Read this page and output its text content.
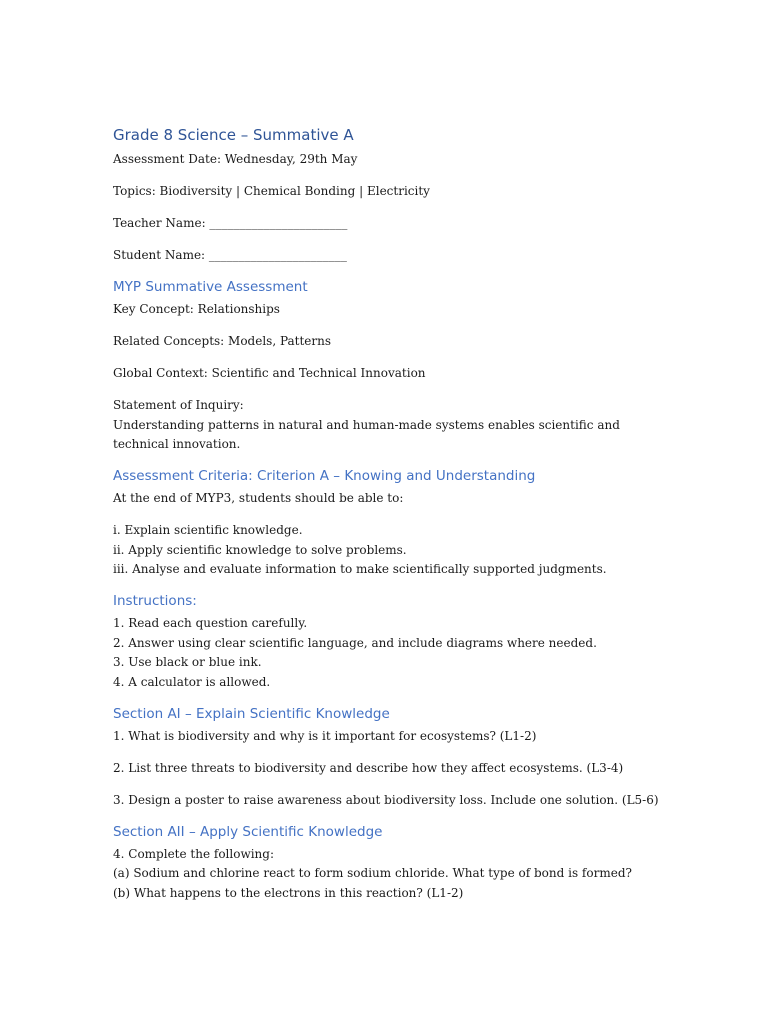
Grade 8 Science – Summative A
Assessment Date: Wednesday, 29th May
Topics: Biodiversity | Chemical Bonding | Electricity
Teacher Name: _______________________
Student Name: _______________________
MYP Summative Assessment
Key Concept: Relationships
Related Concepts: Models, Patterns
Global Context: Scientific and Technical Innovation
Statement of Inquiry:
Understanding patterns in natural and human-made systems enables scientific and
technical innovation.
Assessment Criteria: Criterion A – Knowing and Understanding
At the end of MYP3, students should be able to:
i. Explain scientific knowledge.
ii. Apply scientific knowledge to solve problems.
iii. Analyse and evaluate information to make scientifically supported judgments.
Instructions:
1. Read each question carefully.
2. Answer using clear scientific language, and include diagrams where needed.
3. Use black or blue ink.
4. A calculator is allowed.
Section AI – Explain Scientific Knowledge
1. What is biodiversity and why is it important for ecosystems? (L1-2)
2. List three threats to biodiversity and describe how they affect ecosystems. (L3-4)
3. Design a poster to raise awareness about biodiversity loss. Include one solution. (L5-6)
Section AII – Apply Scientific Knowledge
4. Complete the following:
(a) Sodium and chlorine react to form sodium chloride. What type of bond is formed?
(b) What happens to the electrons in this reaction? (L1-2)
